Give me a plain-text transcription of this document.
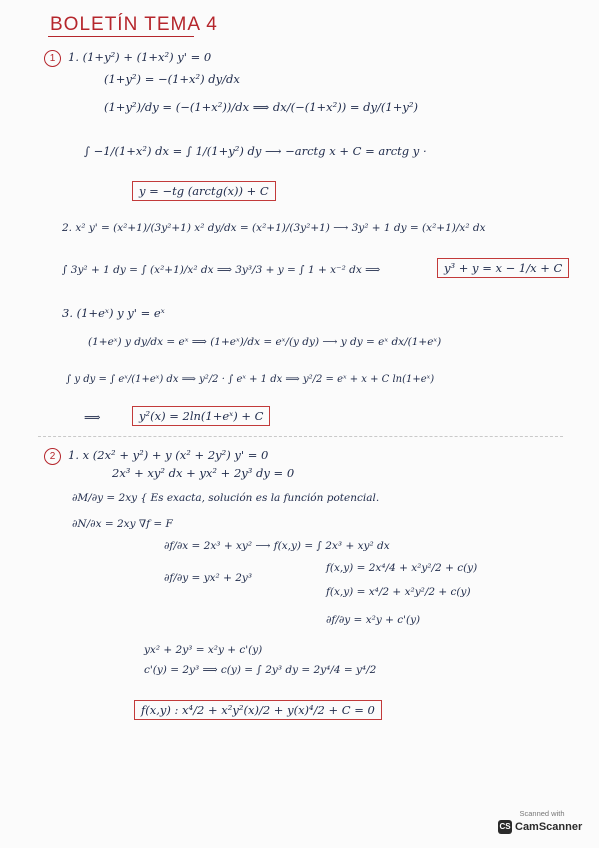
BOLETÍN TEMA 4
1	1. (1+y²) + (1+x²) y' = 0
(1+y²) = −(1+x²) dy/dx
(1+y²)/dy = (−(1+x²))/dx ⟹ dx/(−(1+x²)) = dy/(1+y²)
∫ −1/(1+x²) dx = ∫ 1/(1+y²) dy ⟶ −arctg x + C = arctg y ·
y = −tg (arctg(x)) + C
2. x² y' = (x²+1)/(3y²+1) x² dy/dx = (x²+1)/(3y²+1) ⟶ 3y² + 1 dy = (x²+1)/x² dx
∫ 3y² + 1 dy = ∫ (x²+1)/x² dx ⟹ 3y³/3 + y = ∫ 1 + x⁻² dx ⟹	y³ + y = x − 1/x + C
3. (1+eˣ) y y' = eˣ
(1+eˣ) y dy/dx = eˣ ⟹ (1+eˣ)/dx = eˣ/(y dy) ⟶ y dy = eˣ dx/(1+eˣ)
∫ y dy = ∫ eˣ/(1+eˣ) dx ⟹ y²/2 · ∫ eˣ + 1 dx ⟹ y²/2 = eˣ + x + C ln(1+eˣ)
⟹	y²(x) = 2ln(1+eˣ) + C
2	1. x (2x² + y²) + y (x² + 2y²) y' = 0
2x³ + xy² dx + yx² + 2y³ dy = 0
∂M/∂y = 2xy { Es exacta, solución es la función potencial.
∂N/∂x = 2xy ∇f = F
∂f/∂x = 2x³ + xy² ⟶ f(x,y) = ∫ 2x³ + xy² dx
f(x,y) = 2x⁴/4 + x²y²/2 + c(y)
∂f/∂y = yx² + 2y³
f(x,y) = x⁴/2 + x²y²/2 + c(y)
∂f/∂y = x²y + c'(y)
yx² + 2y³ = x²y + c'(y)
c'(y) = 2y³ ⟹ c(y) = ∫ 2y³ dy = 2y⁴/4 = y⁴/2
f(x,y) : x⁴/2 + x²y²(x)/2 + y(x)⁴/2 + C = 0
Scanned with
CS CamScanner
